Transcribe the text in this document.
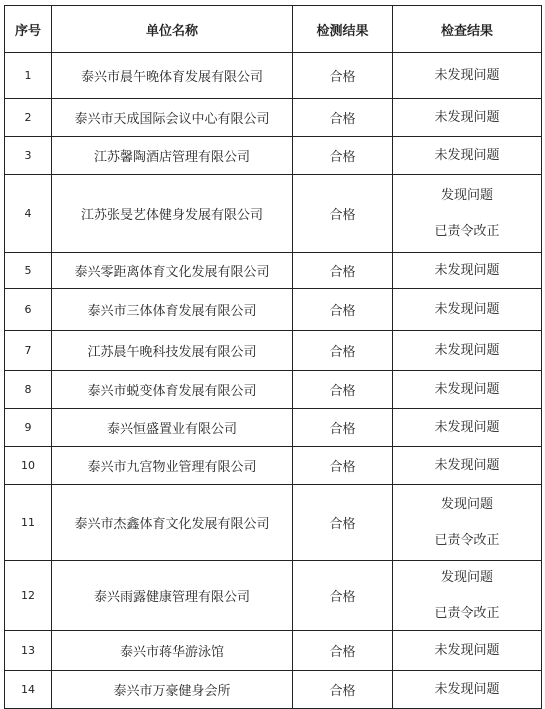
序号	单位名称	检测结果	检查结果
1	泰兴市晨午晚体育发展有限公司	合格	未发现问题

2	泰兴市天成国际会议中心有限公司	合格	未发现问题

3	江苏馨陶酒店管理有限公司	合格	未发现问题

4	江苏张旻艺体健身发展有限公司	合格	发现问题
已责令改正

5	泰兴零距离体育文化发展有限公司	合格	未发现问题

6	泰兴市三体体育发展有限公司	合格	未发现问题

7	江苏晨午晚科技发展有限公司	合格	未发现问题

8	泰兴市蜕变体育发展有限公司	合格	未发现问题

9	泰兴恒盛置业有限公司	合格	未发现问题

10	泰兴市九宫物业管理有限公司	合格	未发现问题

11	泰兴市杰鑫体育文化发展有限公司	合格	发现问题
已责令改正

12	泰兴雨露健康管理有限公司	合格	发现问题
已责令改正

13	泰兴市蒋华游泳馆	合格	未发现问题

14	泰兴市万豪健身会所	合格	未发现问题
